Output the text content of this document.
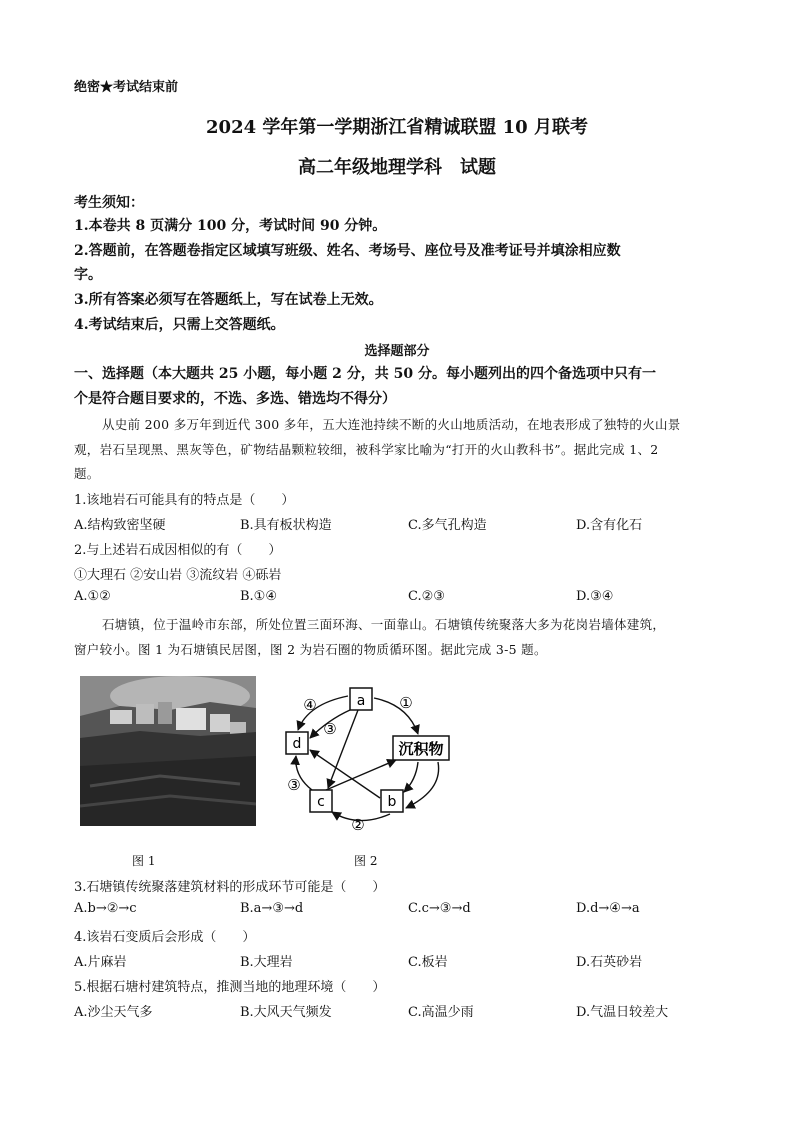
绝密★考试结束前
2024 学年第一学期浙江省精诚联盟 10 月联考
高二年级地理学科　试题
考生须知：
1.本卷共 8 页满分 100 分，考试时间 90 分钟。
2.答题前，在答题卷指定区域填写班级、姓名、考场号、座位号及准考证号并填涂相应数
字。
3.所有答案必须写在答题纸上，写在试卷上无效。
4.考试结束后，只需上交答题纸。
选择题部分
一、选择题（本大题共 25 小题，每小题 2 分，共 50 分。每小题列出的四个备选项中只有一
个是符合题目要求的，不选、多选、错选均不得分）
从史前 200 多万年到近代 300 多年，五大连池持续不断的火山地质活动，在地表形成了独特的火山景
观，岩石呈现黑、黑灰等色，矿物结晶颗粒较细，被科学家比喻为“打开的火山教科书”。据此完成 1、2
题。
1.该地岩石可能具有的特点是（　　）
A.结构致密坚硬	B.具有板状构造	C.多气孔构造	D.含有化石
2.与上述岩石成因相似的有（　　）
①大理石 ②安山岩 ③流纹岩 ④砾岩
A.①②	B.①④	C.②③	D.③④
石塘镇，位于温岭市东部，所处位置三面环海、一面靠山。石塘镇传统聚落大多为花岗岩墙体建筑，
窗户较小。图 1 为石塘镇民居图，图 2 为岩石圈的物质循环图。据此完成 3-5 题。
a
d	沉积物
c	b
④	①
③
③
②
图 1	图 2
3.石塘镇传统聚落建筑材料的形成环节可能是（　　）
A.b→②→c	B.a→③→d	C.c→③→d	D.d→④→a
4.该岩石变质后会形成（　　）
A.片麻岩	B.大理岩	C.板岩	D.石英砂岩
5.根据石塘村建筑特点，推测当地的地理环境（　　）
A.沙尘天气多	B.大风天气频发	C.高温少雨	D.气温日较差大
